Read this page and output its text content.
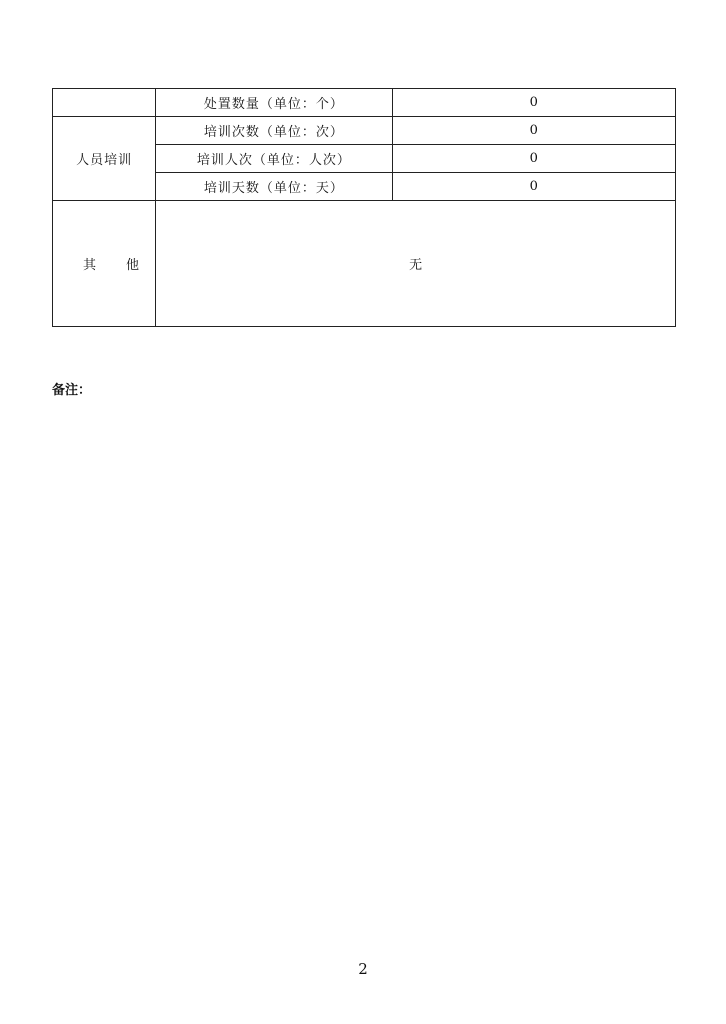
	处置数量（单位：个）	0
人员培训	培训次数（单位：次）	0
	培训人次（单位：人次）	0
	培训天数（单位：天）	0
其他	无	
备注：
2
